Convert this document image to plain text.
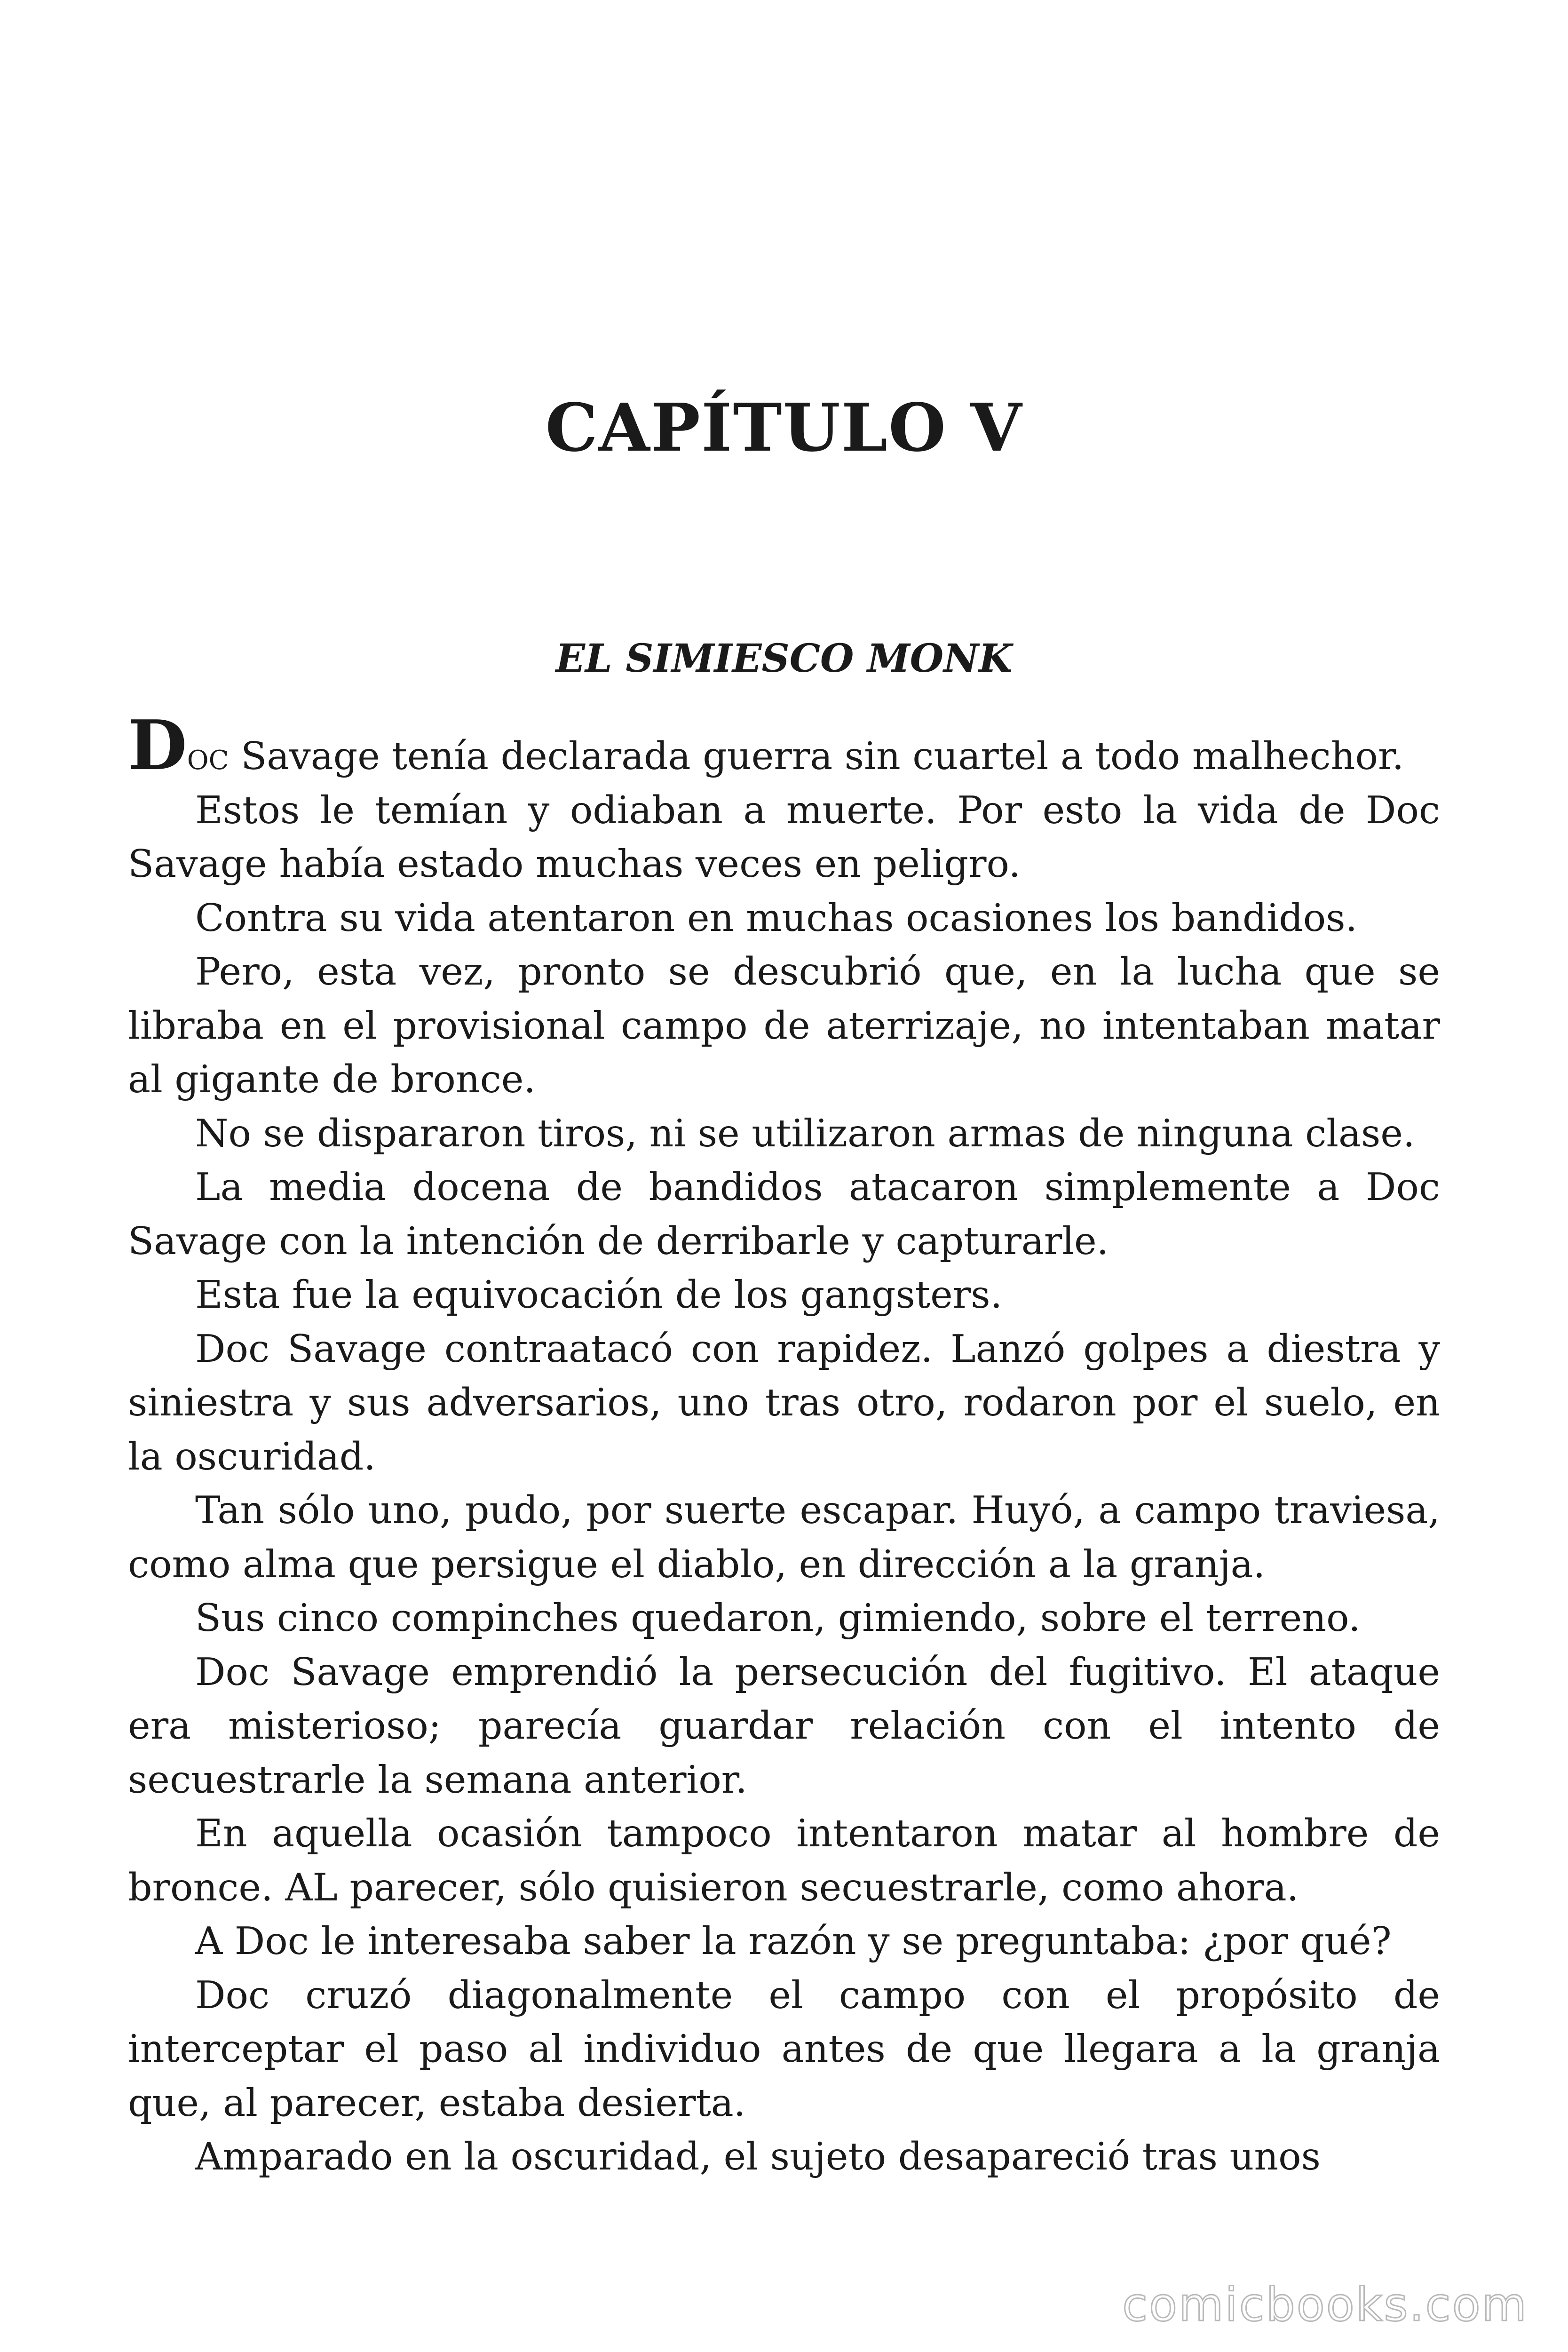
CAPÍTULO V
EL SIMIESCO MONK

Doc Savage tenía declarada guerra sin cuartel a todo malhechor.

Estos le temían y odiaban a muerte. Por esto la vida de Doc Savage había estado muchas veces en peligro.

Contra su vida atentaron en muchas ocasiones los bandidos.

Pero, esta vez, pronto se descubrió que, en la lucha que se libraba en el provisional campo de aterrizaje, no intentaban matar al gigante de bronce.

No se dispararon tiros, ni se utilizaron armas de ninguna clase.

La media docena de bandidos atacaron simplemente a Doc Savage con la intención de derribarle y capturarle.

Esta fue la equivocación de los gangsters.

Doc Savage contraatacó con rapidez. Lanzó golpes a diestra y siniestra y sus adversarios, uno tras otro, rodaron por el suelo, en la oscuridad.

Tan sólo uno, pudo, por suerte escapar. Huyó, a campo traviesa, como alma que persigue el diablo, en dirección a la granja.

Sus cinco compinches quedaron, gimiendo, sobre el terreno.

Doc Savage emprendió la persecución del fugitivo. El ataque era misterioso; parecía guardar relación con el intento de secuestrarle la semana anterior.

En aquella ocasión tampoco intentaron matar al hombre de bronce. AL parecer, sólo quisieron secuestrarle, como ahora.

A Doc le interesaba saber la razón y se preguntaba: ¿por qué?

Doc cruzó diagonalmente el campo con el propósito de interceptar el paso al individuo antes de que llegara a la granja que, al parecer, estaba desierta.

Amparado en la oscuridad, el sujeto desapareció tras unos

comicbooks.com
